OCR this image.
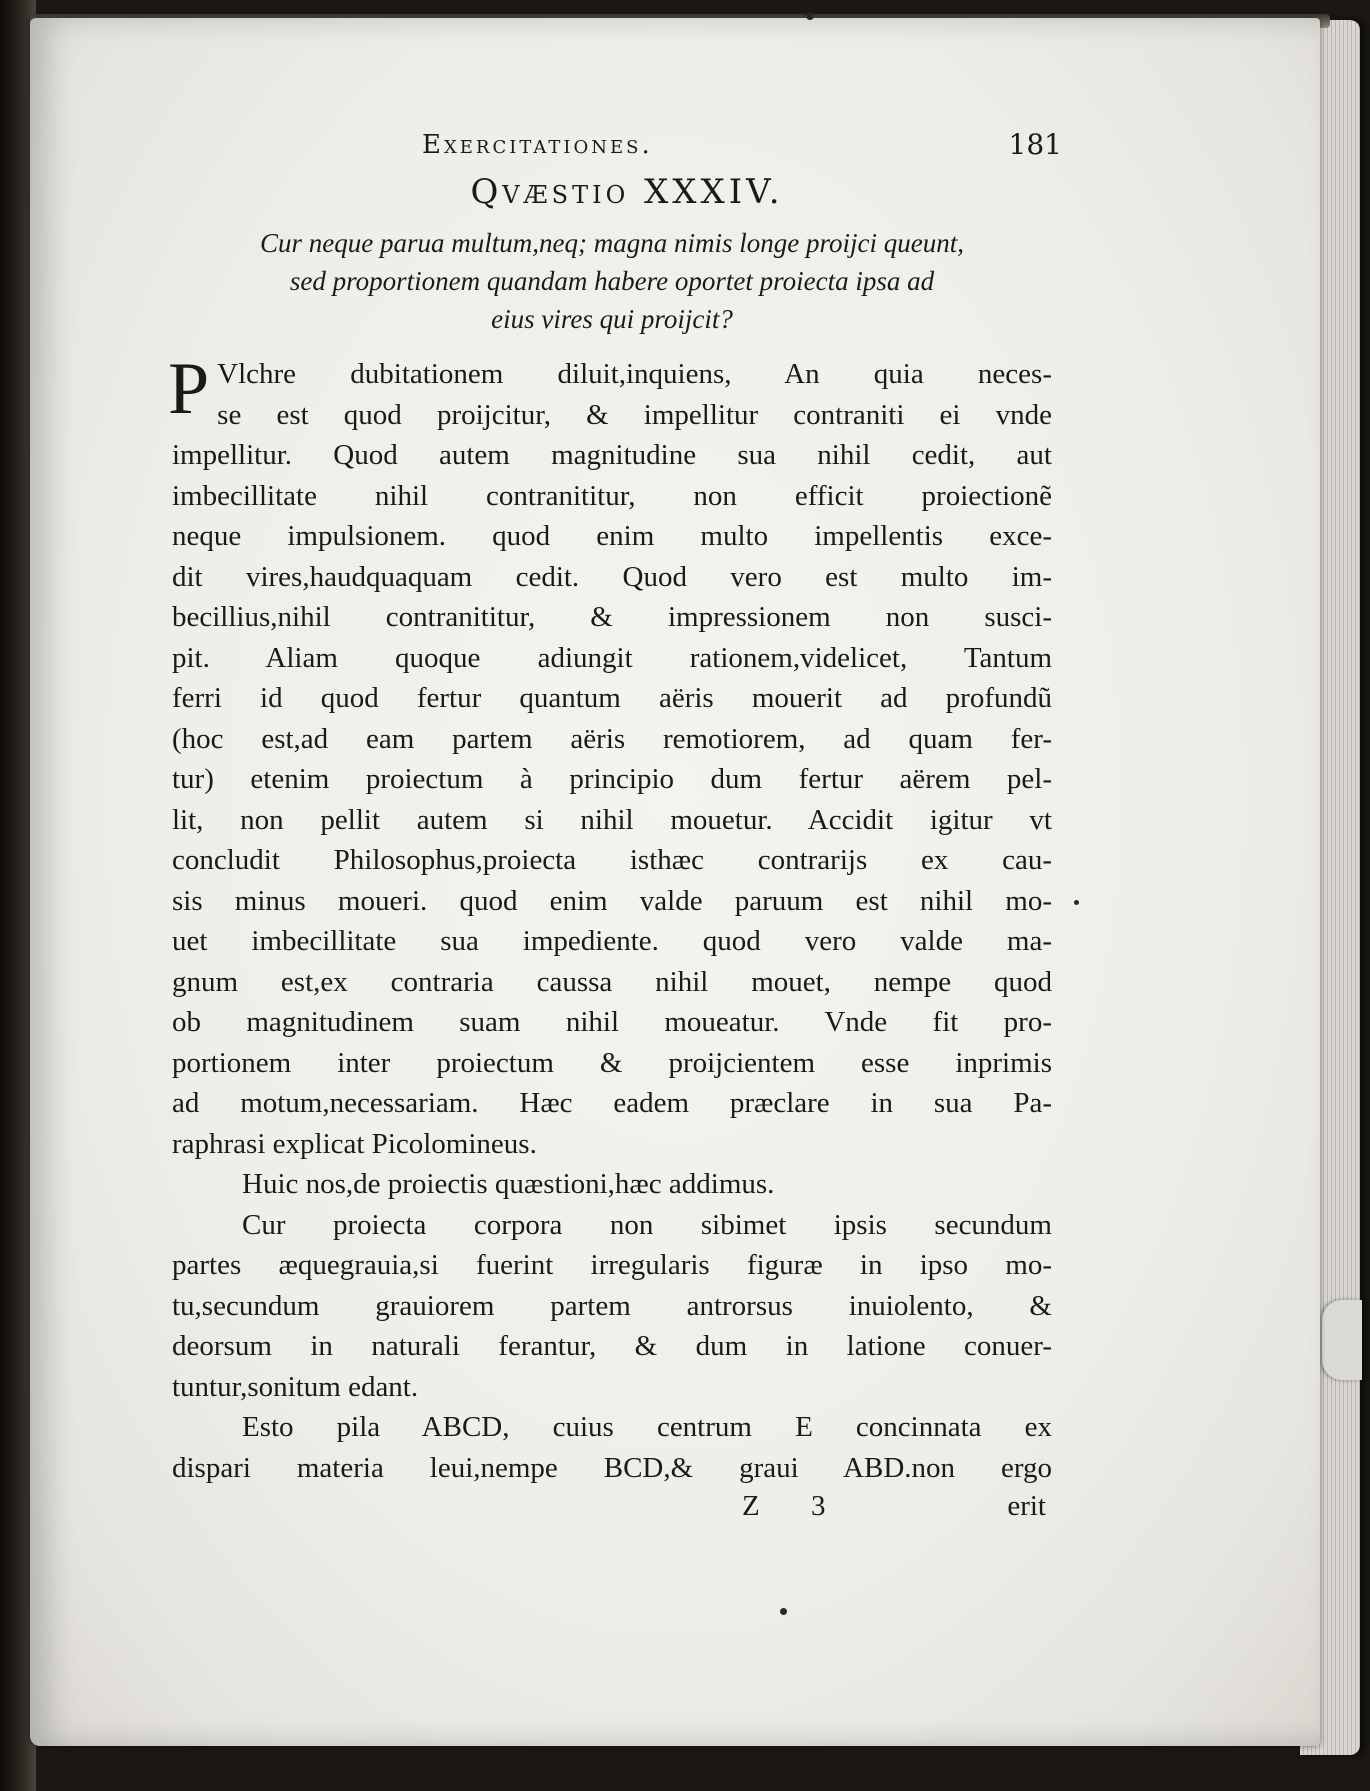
Exercitationes.	181
Qvæstio XXXIV.
Cur neque parua multum,neq; magna nimis longe proijci queunt,
sed proportionem quandam habere oportet proiecta ipsa ad
eius vires qui proijcit?
P Vlchre dubitationem diluit,inquiens, An quia neces-
se est quod proijcitur, & impellitur contraniti ei vnde
impellitur. Quod autem magnitudine sua nihil cedit, aut
imbecillitate nihil contranititur, non efficit proiectionẽ
neque impulsionem. quod enim multo impellentis exce-
dit vires,haudquaquam cedit. Quod vero est multo im-
becillius,nihil contranititur, & impressionem non susci-
pit. Aliam quoque adiungit rationem,videlicet, Tantum
ferri id quod fertur quantum aëris mouerit ad profundũ
(hoc est,ad eam partem aëris remotiorem, ad quam fer-
tur) etenim proiectum à principio dum fertur aërem pel-
lit, non pellit autem si nihil mouetur. Accidit igitur vt
concludit Philosophus,proiecta isthæc contrarijs ex cau-
sis minus moueri. quod enim valde paruum est nihil mo-
uet imbecillitate sua impediente. quod vero valde ma-
gnum est,ex contraria caussa nihil mouet, nempe quod
ob magnitudinem suam nihil moueatur. Vnde fit pro-
portionem inter proiectum & proijcientem esse inprimis
ad motum,necessariam. Hæc eadem præclare in sua Pa-
raphrasi explicat Picolomineus.
Huic nos,de proiectis quæstioni,hæc addimus.
Cur proiecta corpora non sibimet ipsis secundum
partes æquegrauia,si fuerint irregularis figuræ in ipso mo-
tu,secundum grauiorem partem antrorsus inuiolento, &
deorsum in naturali ferantur, & dum in latione conuer-
tuntur,sonitum edant.
Esto pila ABCD, cuius centrum E concinnata ex
dispari materia leui,nempe BCD,& graui ABD.non ergo
Z 3	erit
